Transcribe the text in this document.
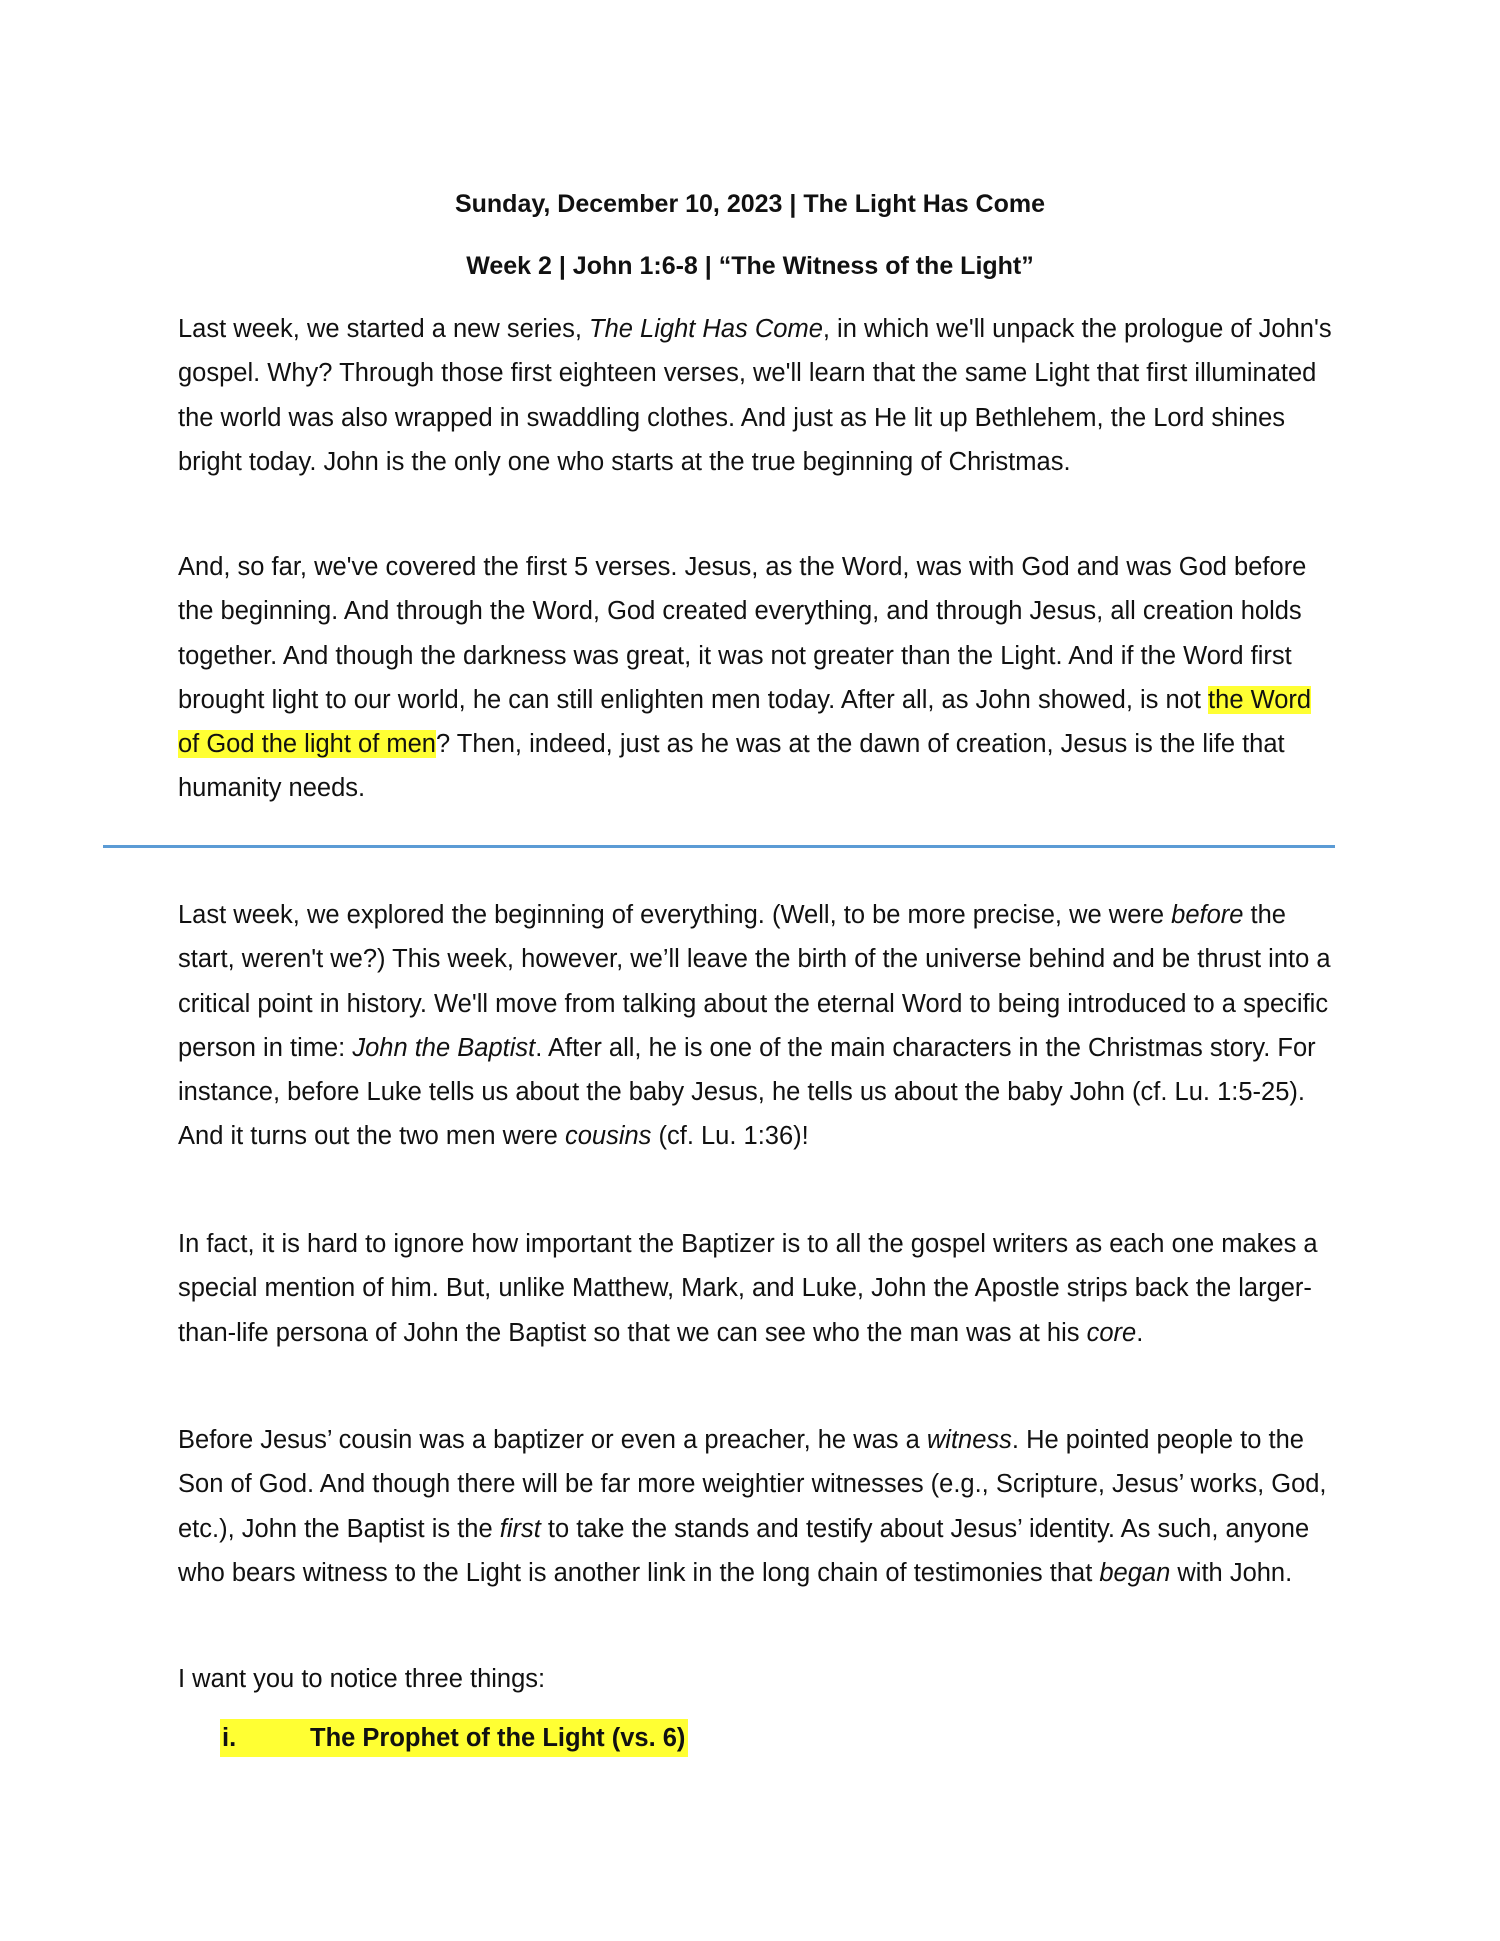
Sunday, December 10, 2023 | The Light Has Come
Week 2 | John 1:6-8 | “The Witness of the Light”

Last week, we started a new series, The Light Has Come, in which we'll unpack the prologue of John's gospel. Why? Through those first eighteen verses, we'll learn that the same Light that first illuminated the world was also wrapped in swaddling clothes. And just as He lit up Bethlehem, the Lord shines bright today. John is the only one who starts at the true beginning of Christmas.

And, so far, we've covered the first 5 verses. Jesus, as the Word, was with God and was God before the beginning. And through the Word, God created everything, and through Jesus, all creation holds together. And though the darkness was great, it was not greater than the Light. And if the Word first brought light to our world, he can still enlighten men today. After all, as John showed, is not the Word of God the light of men? Then, indeed, just as he was at the dawn of creation, Jesus is the life that humanity needs.

Last week, we explored the beginning of everything. (Well, to be more precise, we were before the start, weren't we?) This week, however, we’ll leave the birth of the universe behind and be thrust into a critical point in history. We'll move from talking about the eternal Word to being introduced to a specific person in time: John the Baptist. After all, he is one of the main characters in the Christmas story. For instance, before Luke tells us about the baby Jesus, he tells us about the baby John (cf. Lu. 1:5-25). And it turns out the two men were cousins (cf. Lu. 1:36)!

In fact, it is hard to ignore how important the Baptizer is to all the gospel writers as each one makes a special mention of him. But, unlike Matthew, Mark, and Luke, John the Apostle strips back the larger-than-life persona of John the Baptist so that we can see who the man was at his core.

Before Jesus’ cousin was a baptizer or even a preacher, he was a witness. He pointed people to the Son of God. And though there will be far more weightier witnesses (e.g., Scripture, Jesus’ works, God, etc.), John the Baptist is the first to take the stands and testify about Jesus’ identity. As such, anyone who bears witness to the Light is another link in the long chain of testimonies that began with John.

I want you to notice three things:

i.	The Prophet of the Light (vs. 6)
